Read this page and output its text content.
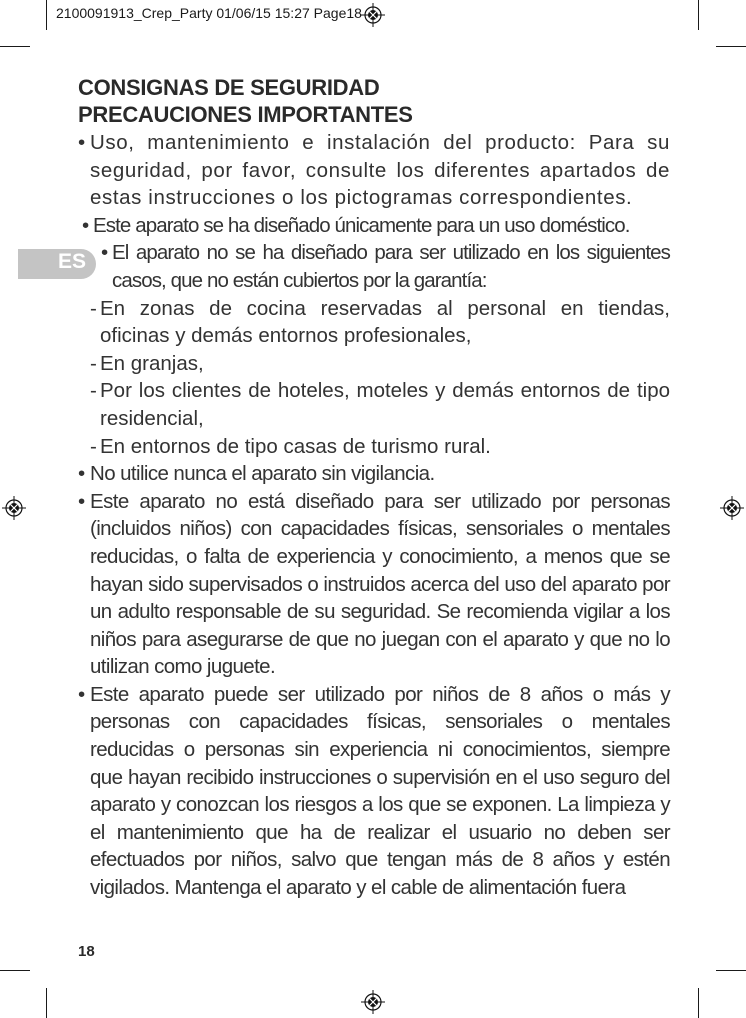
2100091913_Crep_Party 01/06/15 15:27 Page18
ES
CONSIGNAS DE SEGURIDAD
PRECAUCIONES IMPORTANTES
• Uso, mantenimiento e instalación del producto: Para su seguridad, por favor, consulte los diferentes apartados de estas instrucciones o los pictogramas correspondientes.
• Este aparato se ha diseñado únicamente para un uso doméstico.
• El aparato no se ha diseñado para ser utilizado en los siguientes casos, que no están cubiertos por la garantía:
- En zonas de cocina reservadas al personal en tiendas, oficinas y demás entornos profesionales,
- En granjas,
- Por los clientes de hoteles, moteles y demás entornos de tipo residencial,
- En entornos de tipo casas de turismo rural.
• No utilice nunca el aparato sin vigilancia.
• Este aparato no está diseñado para ser utilizado por personas (incluidos niños) con capacidades físicas, sensoriales o mentales reducidas, o falta de experiencia y conocimiento, a menos que se hayan sido supervisados o instruidos acerca del uso del aparato por un adulto responsable de su seguridad. Se recomienda vigilar a los niños para asegurarse de que no juegan con el aparato y que no lo utilizan como juguete.
• Este aparato puede ser utilizado por niños de 8 años o más y personas con capacidades físicas, sensoriales o mentales reducidas o personas sin experiencia ni conocimientos, siempre que hayan recibido instrucciones o supervisión en el uso seguro del aparato y conozcan los riesgos a los que se exponen. La limpieza y el mantenimiento que ha de realizar el usuario no deben ser efectuados por niños, salvo que tengan más de 8 años y estén vigilados. Mantenga el aparato y el cable de alimentación fuera
18
